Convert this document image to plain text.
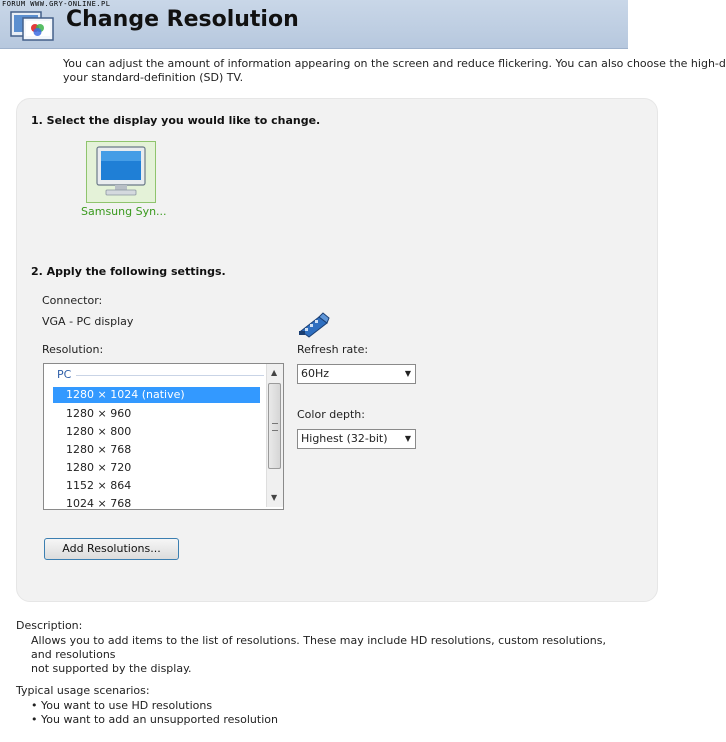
FORUM WWW.GRY-ONLINE.PL
Change Resolution
You can adjust the amount of information appearing on the screen and reduce flickering. You can also choose the high-d
your standard-definition (SD) TV.
1. Select the display you would like to change.
Samsung Syn...
2. Apply the following settings.
Connector:
VGA - PC display
Resolution:
PC
1280 × 1024 (native)
1280 × 960
1280 × 800
1280 × 768
1280 × 720
1152 × 864
1024 × 768
▲
▼
Refresh rate:
60Hz	▼
Color depth:
Highest (32-bit) ▼
Add Resolutions...
Description:
Allows you to add items to the list of resolutions. These may include HD resolutions, custom resolutions, and resolutions
not supported by the display.
Typical usage scenarios:
• You want to use HD resolutions
• You want to add an unsupported resolution
